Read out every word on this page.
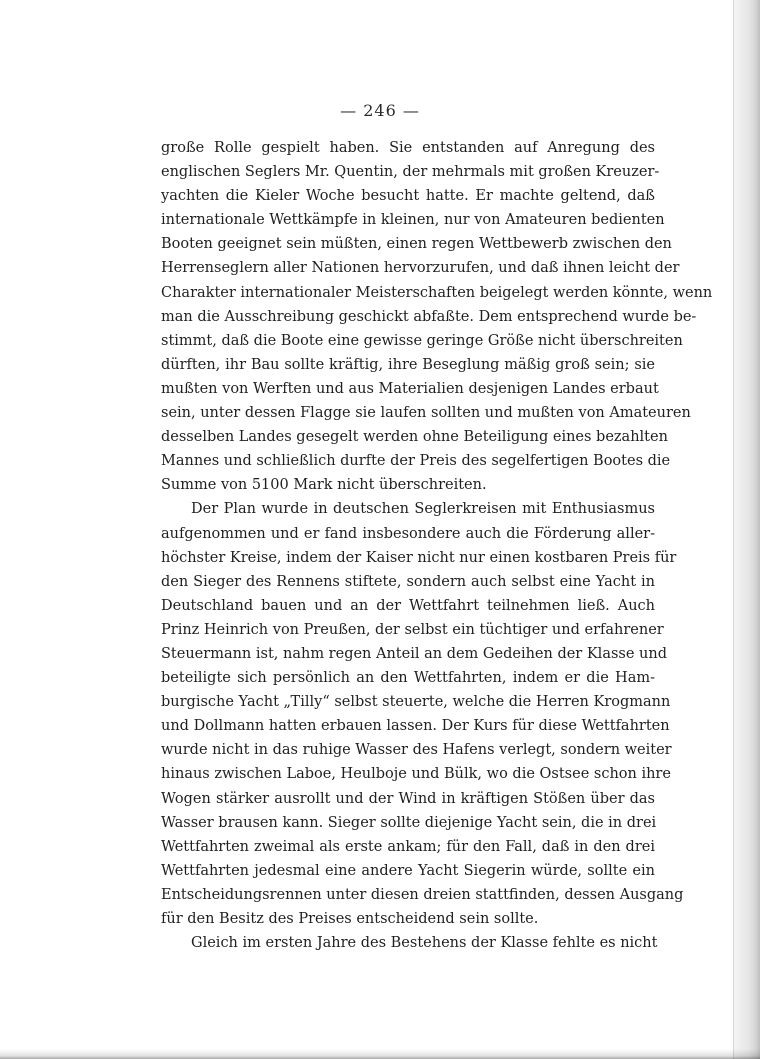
— 246 —
große Rolle gespielt haben. Sie entstanden auf Anregung des
englischen Seglers Mr. Quentin, der mehrmals mit großen Kreuzer-
yachten die Kieler Woche besucht hatte. Er machte geltend, daß
internationale Wettkämpfe in kleinen, nur von Amateuren bedienten
Booten geeignet sein müßten, einen regen Wettbewerb zwischen den
Herrenseglern aller Nationen hervorzurufen, und daß ihnen leicht der
Charakter internationaler Meisterschaften beigelegt werden könnte, wenn
man die Ausschreibung geschickt abfaßte. Dem entsprechend wurde be-
stimmt, daß die Boote eine gewisse geringe Größe nicht überschreiten
dürften, ihr Bau sollte kräftig, ihre Beseglung mäßig groß sein; sie
mußten von Werften und aus Materialien desjenigen Landes erbaut
sein, unter dessen Flagge sie laufen sollten und mußten von Amateuren
desselben Landes gesegelt werden ohne Beteiligung eines bezahlten
Mannes und schließlich durfte der Preis des segelfertigen Bootes die
Summe von 5100 Mark nicht überschreiten.
Der Plan wurde in deutschen Seglerkreisen mit Enthusiasmus
aufgenommen und er fand insbesondere auch die Förderung aller-
höchster Kreise, indem der Kaiser nicht nur einen kostbaren Preis für
den Sieger des Rennens stiftete, sondern auch selbst eine Yacht in
Deutschland bauen und an der Wettfahrt teilnehmen ließ. Auch
Prinz Heinrich von Preußen, der selbst ein tüchtiger und erfahrener
Steuermann ist, nahm regen Anteil an dem Gedeihen der Klasse und
beteiligte sich persönlich an den Wettfahrten, indem er die Ham-
burgische Yacht „Tilly“ selbst steuerte, welche die Herren Krogmann
und Dollmann hatten erbauen lassen. Der Kurs für diese Wettfahrten
wurde nicht in das ruhige Wasser des Hafens verlegt, sondern weiter
hinaus zwischen Laboe, Heulboje und Bülk, wo die Ostsee schon ihre
Wogen stärker ausrollt und der Wind in kräftigen Stößen über das
Wasser brausen kann. Sieger sollte diejenige Yacht sein, die in drei
Wettfahrten zweimal als erste ankam; für den Fall, daß in den drei
Wettfahrten jedesmal eine andere Yacht Siegerin würde, sollte ein
Entscheidungsrennen unter diesen dreien stattfinden, dessen Ausgang
für den Besitz des Preises entscheidend sein sollte.
Gleich im ersten Jahre des Bestehens der Klasse fehlte es nicht
